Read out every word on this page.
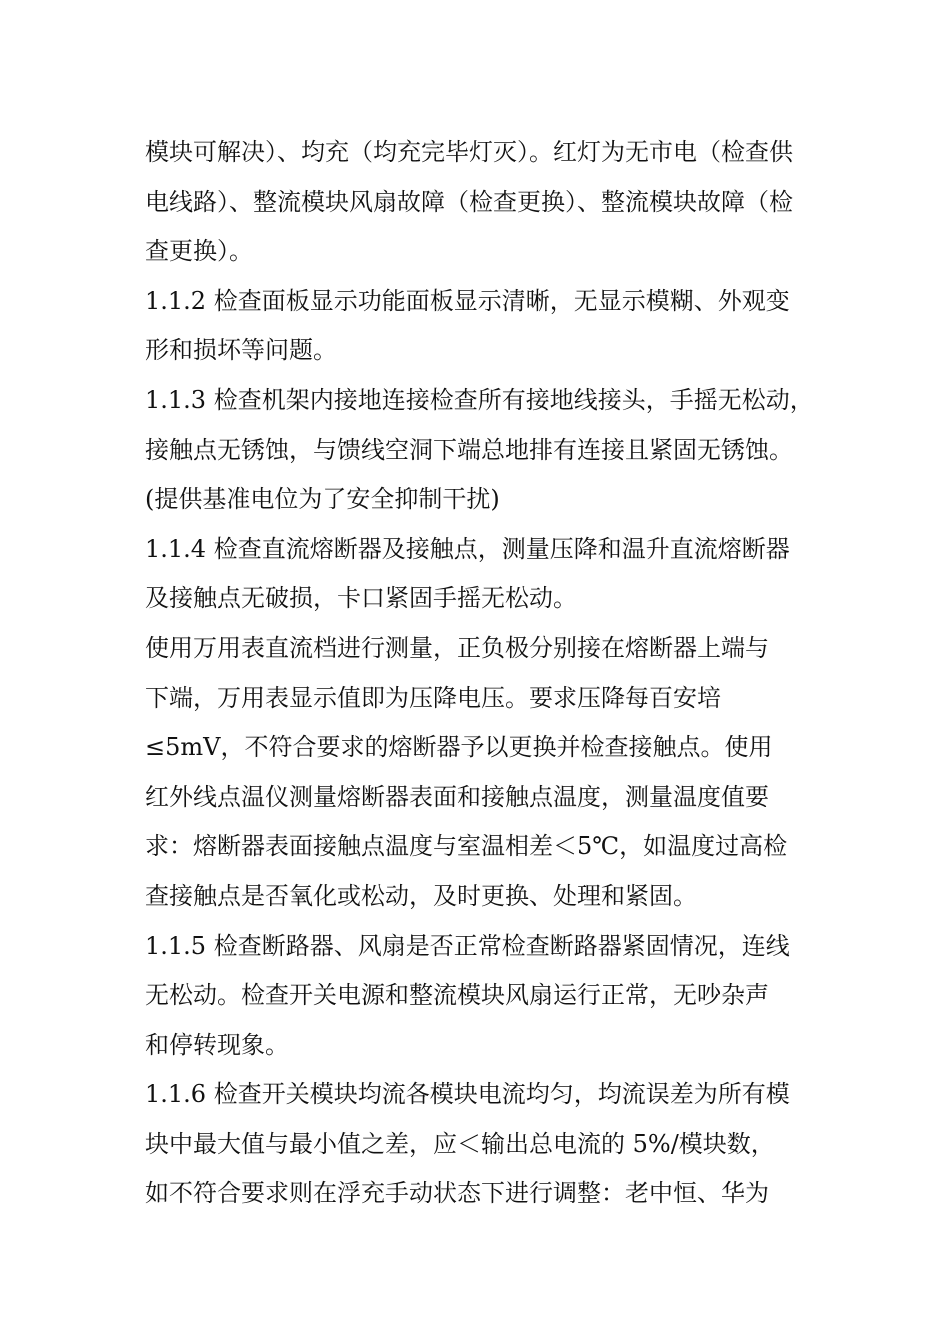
模块可解决）、均充（均充完毕灯灭）。红灯为无市电（检查供
电线路）、整流模块风扇故障（检查更换）、整流模块故障（检
查更换）。
1.1.2 检查面板显示功能面板显示清晰，无显示模糊、外观变
形和损坏等问题。
1.1.3 检查机架内接地连接检查所有接地线接头，手摇无松动，
接触点无锈蚀，与馈线空洞下端总地排有连接且紧固无锈蚀。
(提供基准电位为了安全抑制干扰)
1.1.4 检查直流熔断器及接触点，测量压降和温升直流熔断器
及接触点无破损，卡口紧固手摇无松动。
使用万用表直流档进行测量，正负极分别接在熔断器上端与
下端，万用表显示值即为压降电压。要求压降每百安培
≤5mV，不符合要求的熔断器予以更换并检查接触点。使用
红外线点温仪测量熔断器表面和接触点温度，测量温度值要
求：熔断器表面接触点温度与室温相差＜5℃，如温度过高检
查接触点是否氧化或松动，及时更换、处理和紧固。
1.1.5 检查断路器、风扇是否正常检查断路器紧固情况，连线
无松动。检查开关电源和整流模块风扇运行正常，无吵杂声
和停转现象。
1.1.6 检查开关模块均流各模块电流均匀，均流误差为所有模
块中最大值与最小值之差，应＜输出总电流的 5%/模块数，
如不符合要求则在浮充手动状态下进行调整：老中恒、华为
